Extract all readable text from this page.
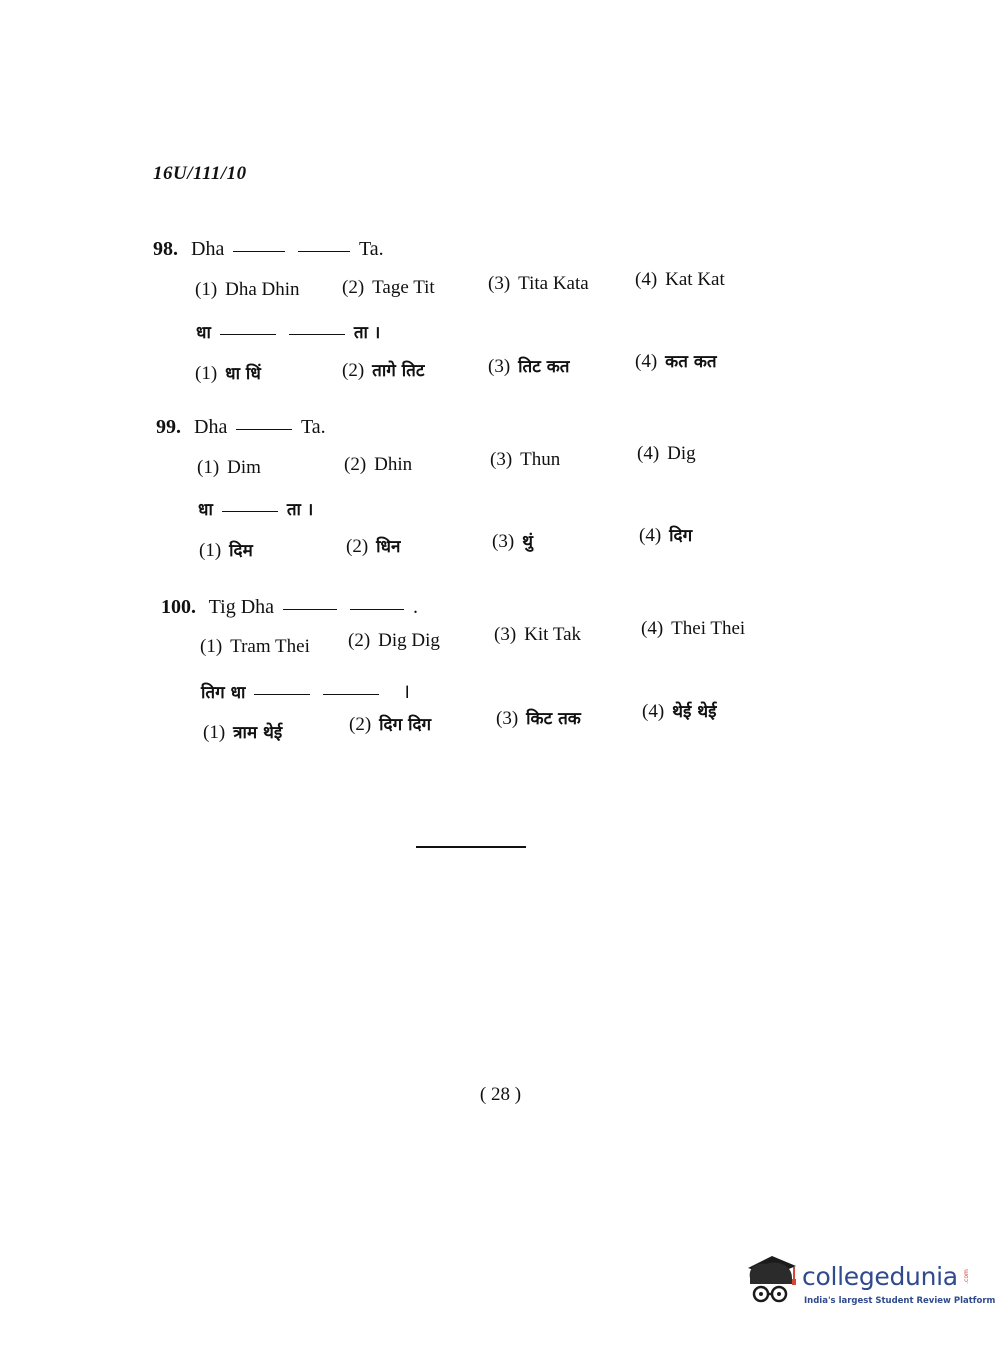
16U/111/10
98. Dha	Ta.
(1) Dha Dhin (2) Tage Tit	(3) Tita Kata (4) Kat Kat
धा	ता ।
(1) धा धिं	(2) तागे तिट	(3) तिट कत	(4) कत कत
99. Dha	Ta.
(1) Dim	(2) Dhin	(3) Thun	(4) Dig
धा	ता ।
(1) दिम	(2) धिन	(3) थुं	(4) दिग
100. Tig Dha	.
(1) Tram Thei (2) Dig Dig	(3) Kit Tak	(4) Thei Thei
तिग धा	।
(1) त्राम थेई	(2) दिग दिग	(3) किट तक	(4) थेई थेई
( 28 )
collegedunia .com
India's largest Student Review Platform
